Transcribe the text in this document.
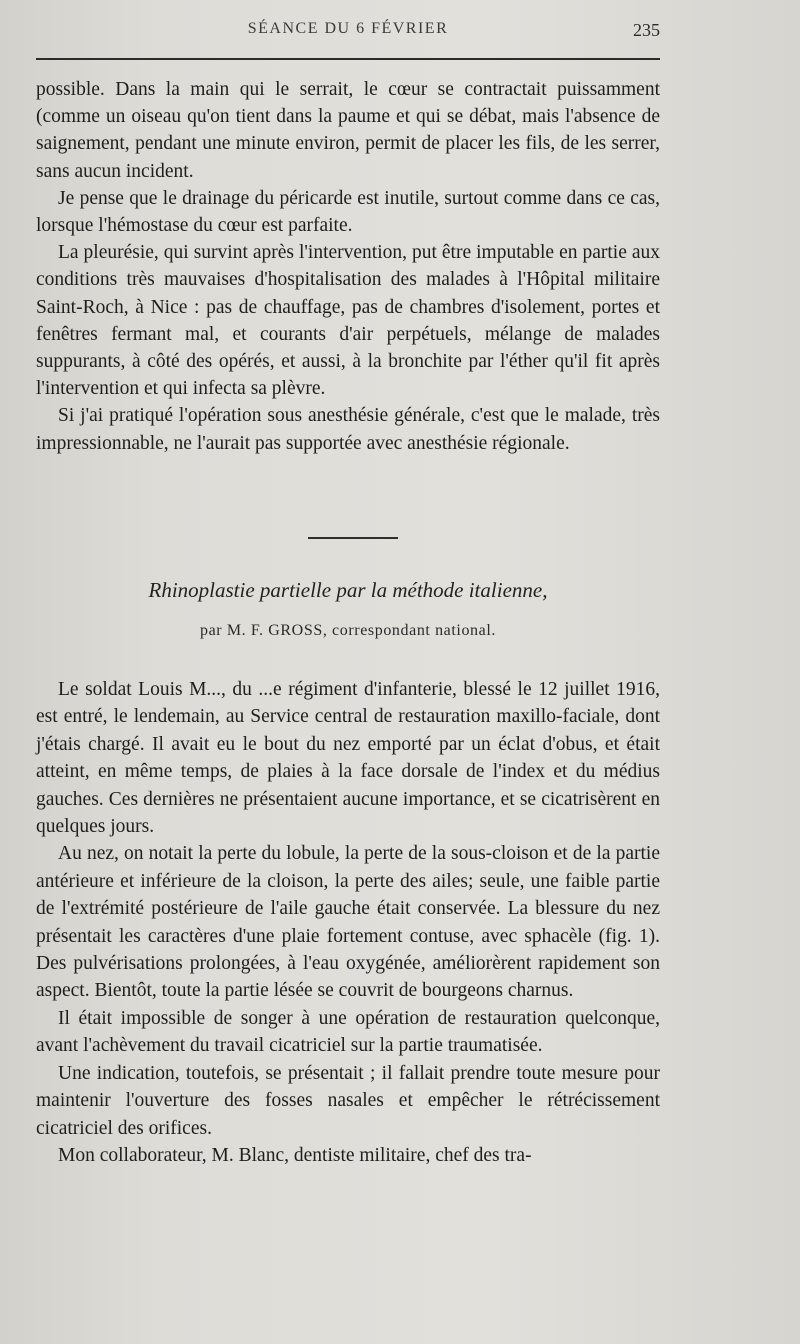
SÉANCE DU 6 FÉVRIER	235

possible. Dans la main qui le serrait, le cœur se contractait puissamment (comme un oiseau qu'on tient dans la paume et qui se débat, mais l'absence de saignement, pendant une minute environ, permit de placer les fils, de les serrer, sans aucun incident.

Je pense que le drainage du péricarde est inutile, surtout comme dans ce cas, lorsque l'hémostase du cœur est parfaite.

La pleurésie, qui survint après l'intervention, put être imputable en partie aux conditions très mauvaises d'hospitalisation des malades à l'Hôpital militaire Saint-Roch, à Nice : pas de chauffage, pas de chambres d'isolement, portes et fenêtres fermant mal, et courants d'air perpétuels, mélange de malades suppurants, à côté des opérés, et aussi, à la bronchite par l'éther qu'il fit après l'intervention et qui infecta sa plèvre.

Si j'ai pratiqué l'opération sous anesthésie générale, c'est que le malade, très impressionnable, ne l'aurait pas supportée avec anesthésie régionale.

Rhinoplastie partielle par la méthode italienne,
par M. F. GROSS, correspondant national.

Le soldat Louis M..., du ...e régiment d'infanterie, blessé le 12 juillet 1916, est entré, le lendemain, au Service central de restauration maxillo-faciale, dont j'étais chargé. Il avait eu le bout du nez emporté par un éclat d'obus, et était atteint, en même temps, de plaies à la face dorsale de l'index et du médius gauches. Ces dernières ne présentaient aucune importance, et se cicatrisèrent en quelques jours.

Au nez, on notait la perte du lobule, la perte de la sous-cloison et de la partie antérieure et inférieure de la cloison, la perte des ailes; seule, une faible partie de l'extrémité postérieure de l'aile gauche était conservée. La blessure du nez présentait les caractères d'une plaie fortement contuse, avec sphacèle (fig. 1). Des pulvérisations prolongées, à l'eau oxygénée, améliorèrent rapidement son aspect. Bientôt, toute la partie lésée se couvrit de bourgeons charnus.

Il était impossible de songer à une opération de restauration quelconque, avant l'achèvement du travail cicatriciel sur la partie traumatisée.

Une indication, toutefois, se présentait ; il fallait prendre toute mesure pour maintenir l'ouverture des fosses nasales et empêcher le rétrécissement cicatriciel des orifices.

Mon collaborateur, M. Blanc, dentiste militaire, chef des tra-
